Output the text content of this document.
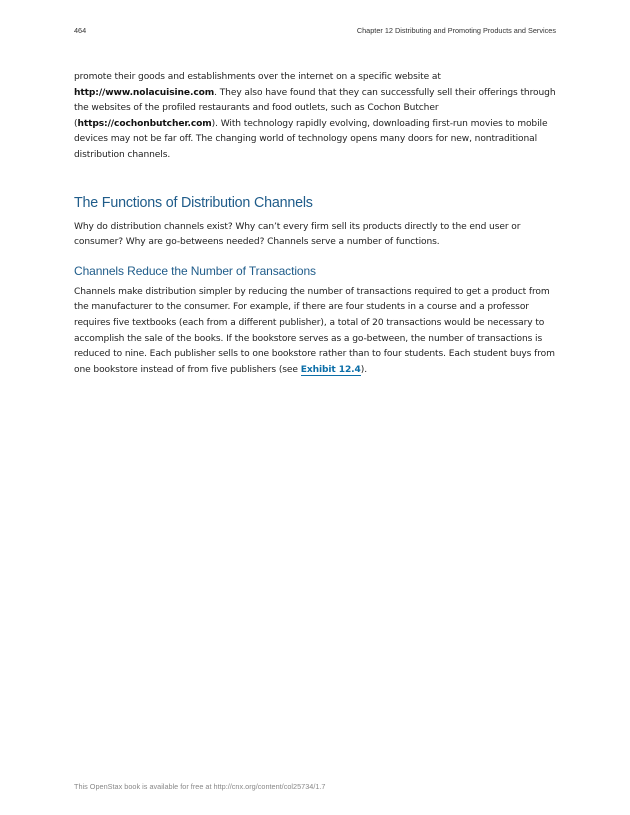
464	Chapter 12 Distributing and Promoting Products and Services

promote their goods and establishments over the internet on a specific website at http://www.nolacuisine.com. They also have found that they can successfully sell their offerings through the websites of the profiled restaurants and food outlets, such as Cochon Butcher (https://cochonbutcher.com). With technology rapidly evolving, downloading first-run movies to mobile devices may not be far off. The changing world of technology opens many doors for new, nontraditional distribution channels.

The Functions of Distribution Channels

Why do distribution channels exist? Why can’t every firm sell its products directly to the end user or consumer? Why are go-betweens needed? Channels serve a number of functions.

Channels Reduce the Number of Transactions

Channels make distribution simpler by reducing the number of transactions required to get a product from the manufacturer to the consumer. For example, if there are four students in a course and a professor requires five textbooks (each from a different publisher), a total of 20 transactions would be necessary to accomplish the sale of the books. If the bookstore serves as a go-between, the number of transactions is reduced to nine. Each publisher sells to one bookstore rather than to four students. Each student buys from one bookstore instead of from five publishers (see Exhibit 12.4).

This OpenStax book is available for free at http://cnx.org/content/col25734/1.7
